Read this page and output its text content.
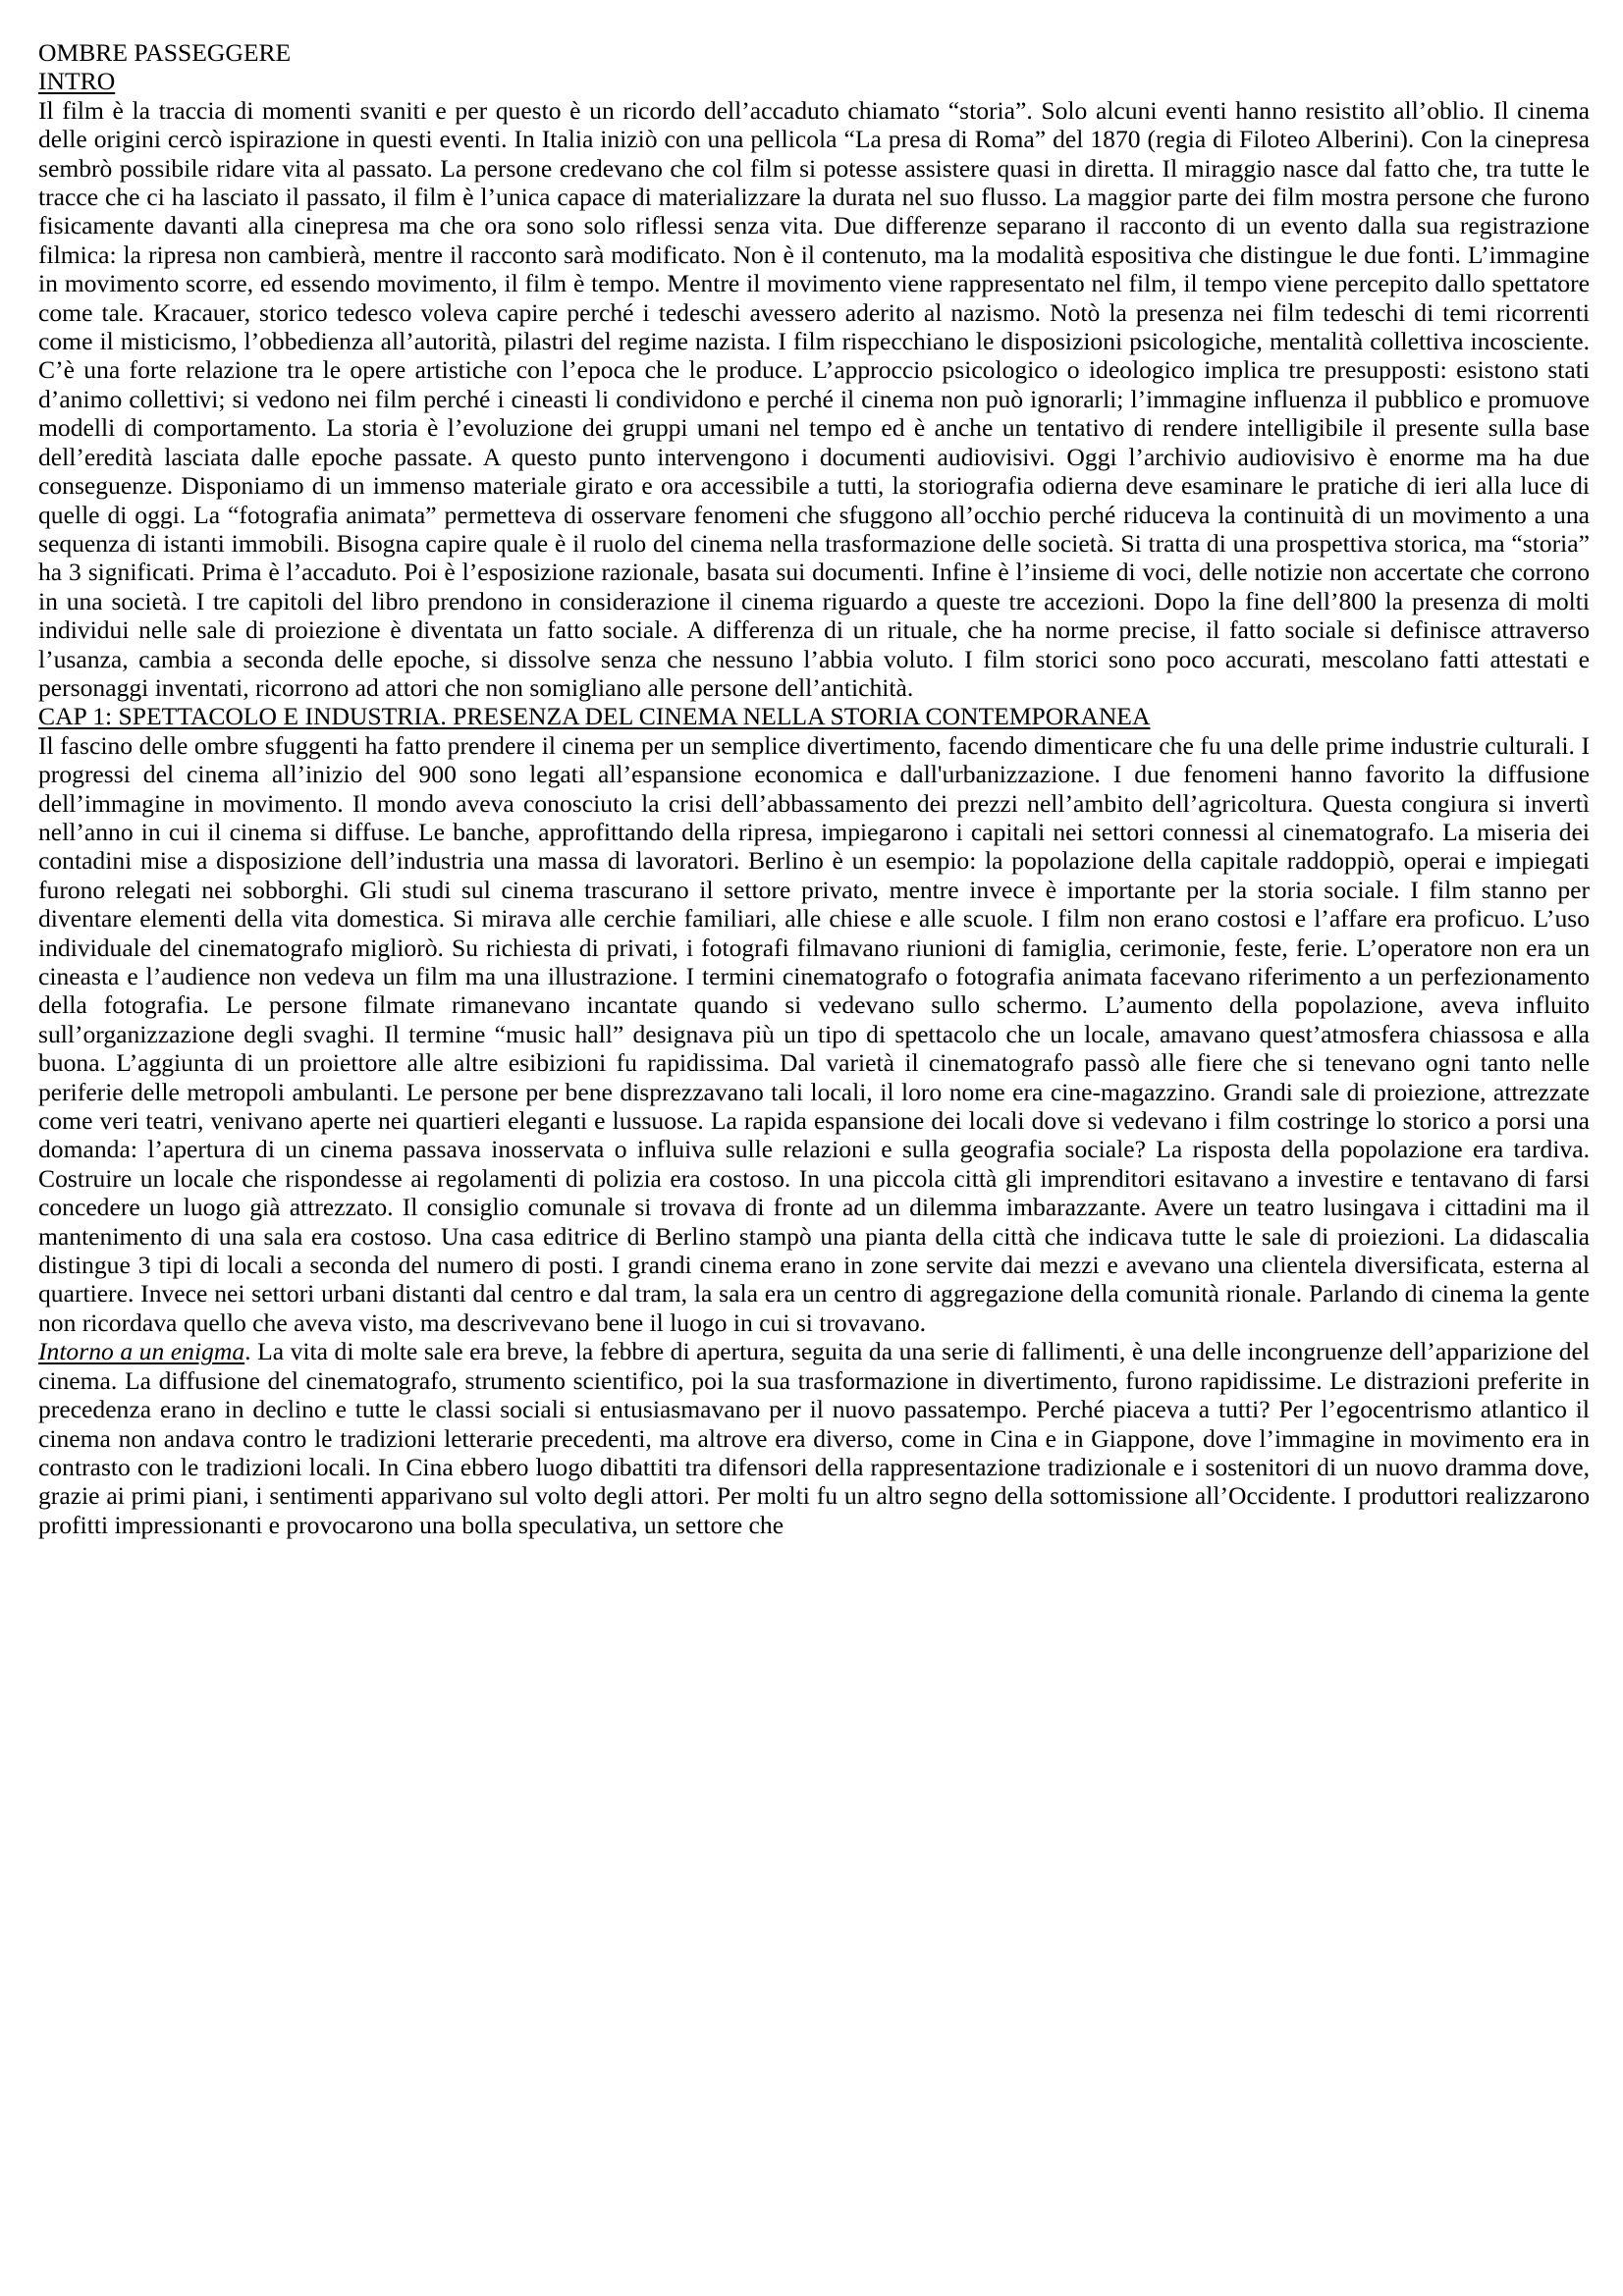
OMBRE PASSEGGERE
INTRO

Il film è la traccia di momenti svaniti e per questo è un ricordo dell’accaduto chiamato “storia”. Solo alcuni eventi hanno resistito all’oblio. Il cinema delle origini cercò ispirazione in questi eventi. In Italia iniziò con una pellicola “La presa di Roma” del 1870 (regia di Filoteo Alberini). Con la cinepresa sembrò possibile ridare vita al passato. La persone credevano che col film si potesse assistere quasi in diretta. Il miraggio nasce dal fatto che, tra tutte le tracce che ci ha lasciato il passato, il film è l’unica capace di materializzare la durata nel suo flusso. La maggior parte dei film mostra persone che furono fisicamente davanti alla cinepresa ma che ora sono solo riflessi senza vita. Due differenze separano il racconto di un evento dalla sua registrazione filmica: la ripresa non cambierà, mentre il racconto sarà modificato. Non è il contenuto, ma la modalità espositiva che distingue le due fonti. L’immagine in movimento scorre, ed essendo movimento, il film è tempo. Mentre il movimento viene rappresentato nel film, il tempo viene percepito dallo spettatore come tale. Kracauer, storico tedesco voleva capire perché i tedeschi avessero aderito al nazismo. Notò la presenza nei film tedeschi di temi ricorrenti come il misticismo, l’obbedienza all’autorità, pilastri del regime nazista. I film rispecchiano le disposizioni psicologiche, mentalità collettiva incosciente. C’è una forte relazione tra le opere artistiche con l’epoca che le produce. L’approccio psicologico o ideologico implica tre presupposti: esistono stati d’animo collettivi; si vedono nei film perché i cineasti li condividono e perché il cinema non può ignorarli; l’immagine influenza il pubblico e promuove modelli di comportamento. La storia è l’evoluzione dei gruppi umani nel tempo ed è anche un tentativo di rendere intelligibile il presente sulla base dell’eredità lasciata dalle epoche passate. A questo punto intervengono i documenti audiovisivi. Oggi l’archivio audiovisivo è enorme ma ha due conseguenze. Disponiamo di un immenso materiale girato e ora accessibile a tutti, la storiografia odierna deve esaminare le pratiche di ieri alla luce di quelle di oggi. La “fotografia animata” permetteva di osservare fenomeni che sfuggono all’occhio perché riduceva la continuità di un movimento a una sequenza di istanti immobili. Bisogna capire quale è il ruolo del cinema nella trasformazione delle società. Si tratta di una prospettiva storica, ma “storia” ha 3 significati. Prima è l’accaduto. Poi è l’esposizione razionale, basata sui documenti. Infine è l’insieme di voci, delle notizie non accertate che corrono in una società. I tre capitoli del libro prendono in considerazione il cinema riguardo a queste tre accezioni. Dopo la fine dell’800 la presenza di molti individui nelle sale di proiezione è diventata un fatto sociale. A differenza di un rituale, che ha norme precise, il fatto sociale si definisce attraverso l’usanza, cambia a seconda delle epoche, si dissolve senza che nessuno l’abbia voluto. I film storici sono poco accurati, mescolano fatti attestati e personaggi inventati, ricorrono ad attori che non somigliano alle persone dell’antichità.

CAP 1: SPETTACOLO E INDUSTRIA. PRESENZA DEL CINEMA NELLA STORIA CONTEMPORANEA

Il fascino delle ombre sfuggenti ha fatto prendere il cinema per un semplice divertimento, facendo dimenticare che fu una delle prime industrie culturali. I progressi del cinema all’inizio del 900 sono legati all’espansione economica e dall'urbanizzazione. I due fenomeni hanno favorito la diffusione dell’immagine in movimento. Il mondo aveva conosciuto la crisi dell’abbassamento dei prezzi nell’ambito dell’agricoltura. Questa congiura si invertì nell’anno in cui il cinema si diffuse. Le banche, approfittando della ripresa, impiegarono i capitali nei settori connessi al cinematografo. La miseria dei contadini mise a disposizione dell’industria una massa di lavoratori. Berlino è un esempio: la popolazione della capitale raddoppiò, operai e impiegati furono relegati nei sobborghi. Gli studi sul cinema trascurano il settore privato, mentre invece è importante per la storia sociale. I film stanno per diventare elementi della vita domestica. Si mirava alle cerchie familiari, alle chiese e alle scuole. I film non erano costosi e l’affare era proficuo. L’uso individuale del cinematografo migliorò. Su richiesta di privati, i fotografi filmavano riunioni di famiglia, cerimonie, feste, ferie. L’operatore non era un cineasta e l’audience non vedeva un film ma una illustrazione. I termini cinematografo o fotografia animata facevano riferimento a un perfezionamento della fotografia. Le persone filmate rimanevano incantate quando si vedevano sullo schermo. L’aumento della popolazione, aveva influito sull’organizzazione degli svaghi. Il termine “music hall” designava più un tipo di spettacolo che un locale, amavano quest’atmosfera chiassosa e alla buona. L’aggiunta di un proiettore alle altre esibizioni fu rapidissima. Dal varietà il cinematografo passò alle fiere che si tenevano ogni tanto nelle periferie delle metropoli ambulanti. Le persone per bene disprezzavano tali locali, il loro nome era cine-magazzino. Grandi sale di proiezione, attrezzate come veri teatri, venivano aperte nei quartieri eleganti e lussuose. La rapida espansione dei locali dove si vedevano i film costringe lo storico a porsi una domanda: l’apertura di un cinema passava inosservata o influiva sulle relazioni e sulla geografia sociale? La risposta della popolazione era tardiva. Costruire un locale che rispondesse ai regolamenti di polizia era costoso. In una piccola città gli imprenditori esitavano a investire e tentavano di farsi concedere un luogo già attrezzato. Il consiglio comunale si trovava di fronte ad un dilemma imbarazzante. Avere un teatro lusingava i cittadini ma il mantenimento di una sala era costoso. Una casa editrice di Berlino stampò una pianta della città che indicava tutte le sale di proiezioni. La didascalia distingue 3 tipi di locali a seconda del numero di posti. I grandi cinema erano in zone servite dai mezzi e avevano una clientela diversificata, esterna al quartiere. Invece nei settori urbani distanti dal centro e dal tram, la sala era un centro di aggregazione della comunità rionale. Parlando di cinema la gente non ricordava quello che aveva visto, ma descrivevano bene il luogo in cui si trovavano.

Intorno a un enigma. La vita di molte sale era breve, la febbre di apertura, seguita da una serie di fallimenti, è una delle incongruenze dell’apparizione del cinema. La diffusione del cinematografo, strumento scientifico, poi la sua trasformazione in divertimento, furono rapidissime. Le distrazioni preferite in precedenza erano in declino e tutte le classi sociali si entusiasmavano per il nuovo passatempo. Perché piaceva a tutti? Per l’egocentrismo atlantico il cinema non andava contro le tradizioni letterarie precedenti, ma altrove era diverso, come in Cina e in Giappone, dove l’immagine in movimento era in contrasto con le tradizioni locali. In Cina ebbero luogo dibattiti tra difensori della rappresentazione tradizionale e i sostenitori di un nuovo dramma dove, grazie ai primi piani, i sentimenti apparivano sul volto degli attori. Per molti fu un altro segno della sottomissione all’Occidente. I produttori realizzarono profitti impressionanti e provocarono una bolla speculativa, un settore che
